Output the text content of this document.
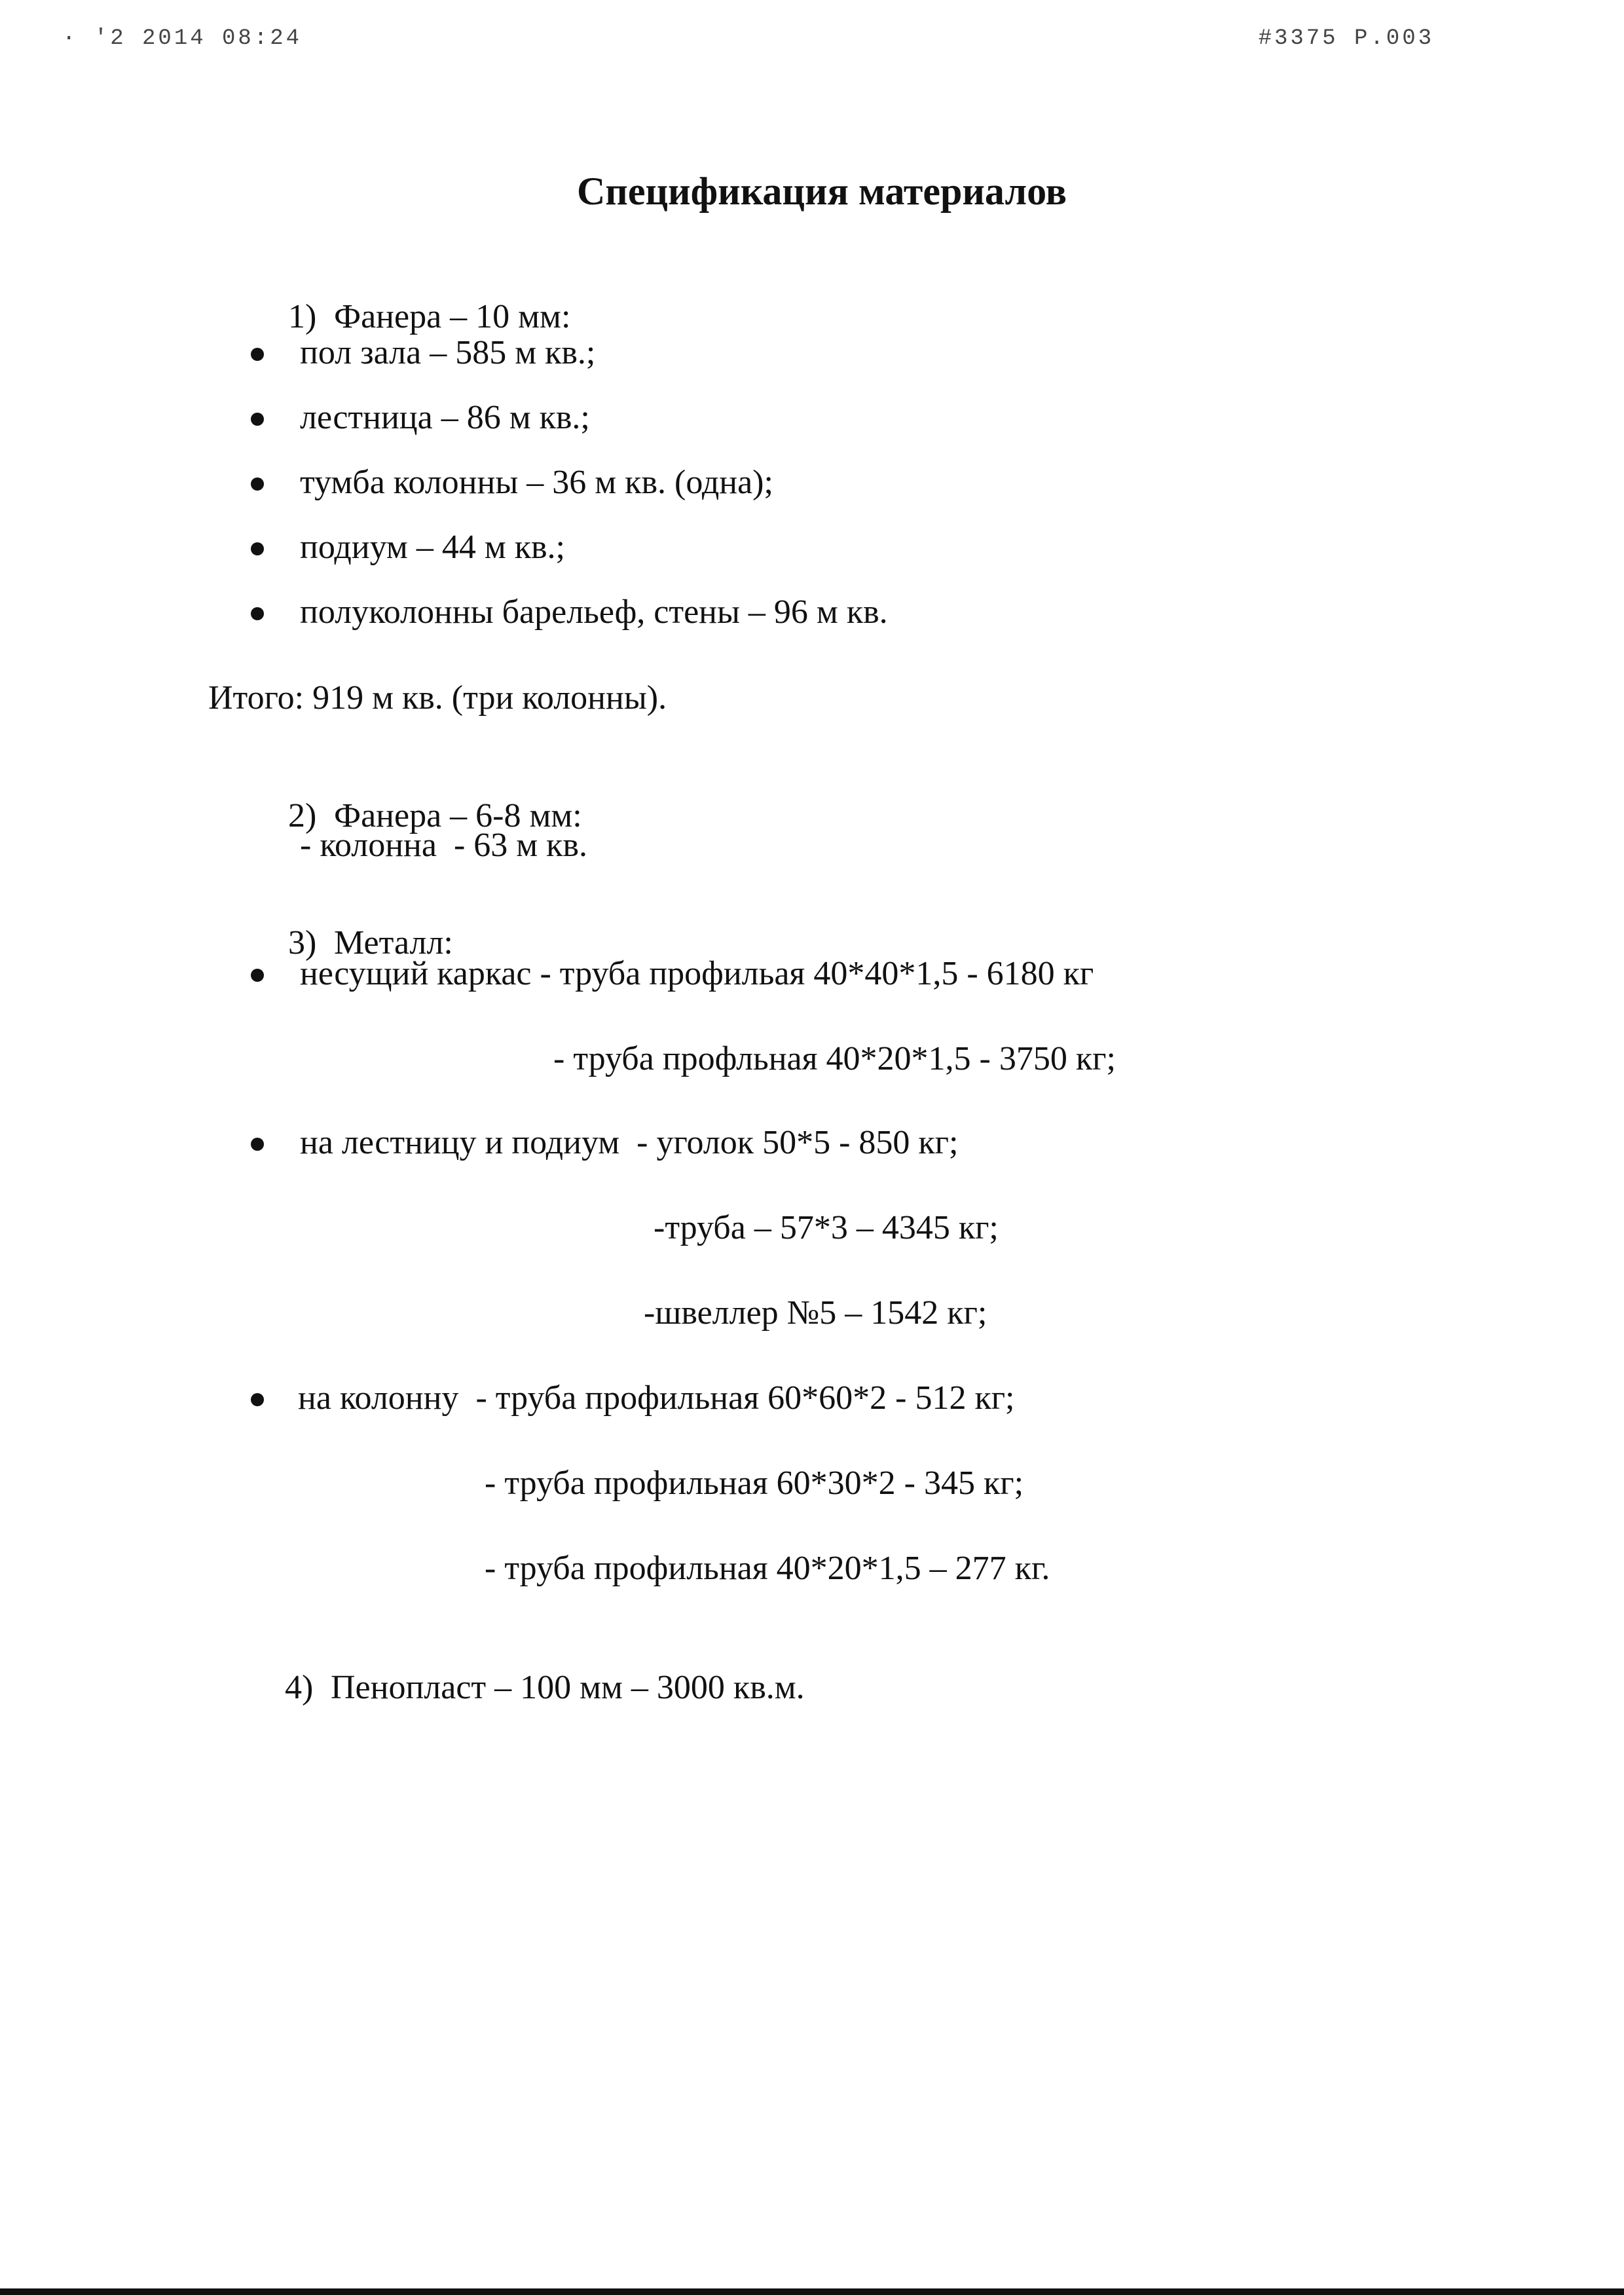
· '2 2014 08:24	#3375 P.003
Спецификация материалов

1) Фанера – 10 мм:

пол зала – 585 м кв.;
лестница – 86 м кв.;
тумба колонны – 36 м кв. (одна);
подиум – 44 м кв.;
полуколонны барельеф, стены – 96 м кв.
Итого: 919 м кв. (три колонны).

2) Фанера – 6-8 мм:

- колонна  - 63 м кв.

3) Металл:

несущий каркас - труба профильая 40*40*1,5 - 6180 кг
- труба профльная 40*20*1,5 - 3750 кг;
на лестницу и подиум  - уголок 50*5 - 850 кг;
-труба – 57*3 – 4345 кг;
-швеллер №5 – 1542 кг;
на колонну  - труба профильная 60*60*2 - 512 кг;
- труба профильная 60*30*2 - 345 кг;
- труба профильная 40*20*1,5 – 277 кг.

4) Пенопласт – 100 мм – 3000 кв.м.
